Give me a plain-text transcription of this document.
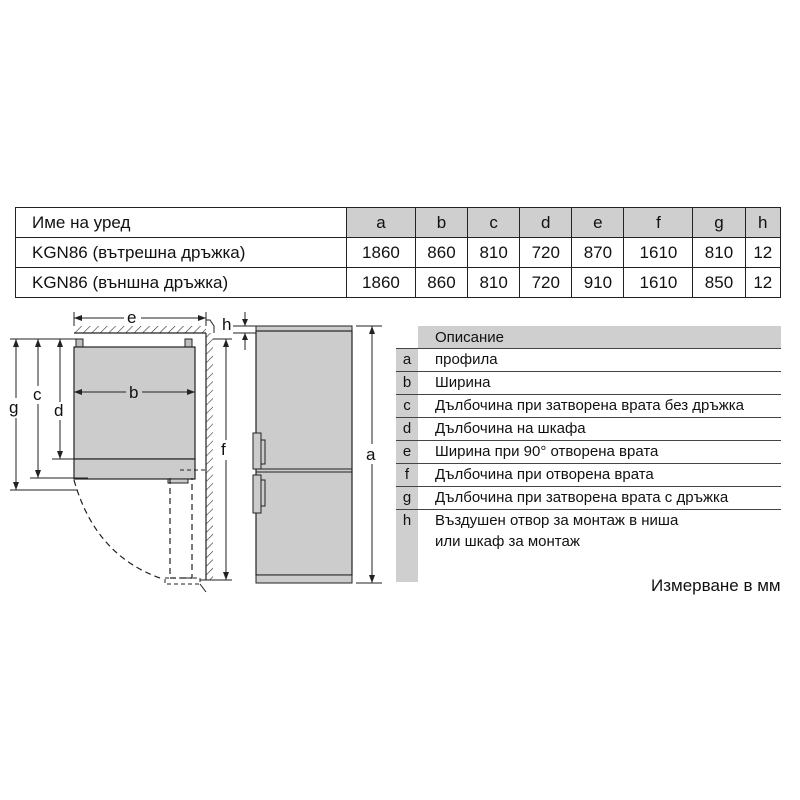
Име на уред	a	b	c	d	e	f	g	h
KGN86 (вътрешна дръжка)	1860	860	810	720	870	1610	810	12
KGN86 (външна дръжка)	1860	860	810	720	910	1610	850	12
e
b
c
d
g
f
h
a
Описание
a	профила
b	Ширина
c	Дълбочина при затворена врата без дръжка
d	Дълбочина на шкафа
e	Ширина при 90° отворена врата
f	Дълбочина при отворена врата
g	Дълбочина при затворена врата с дръжка
h	Въздушен отвор за монтаж в ниша
или шкаф за монтаж
Измерване в мм
